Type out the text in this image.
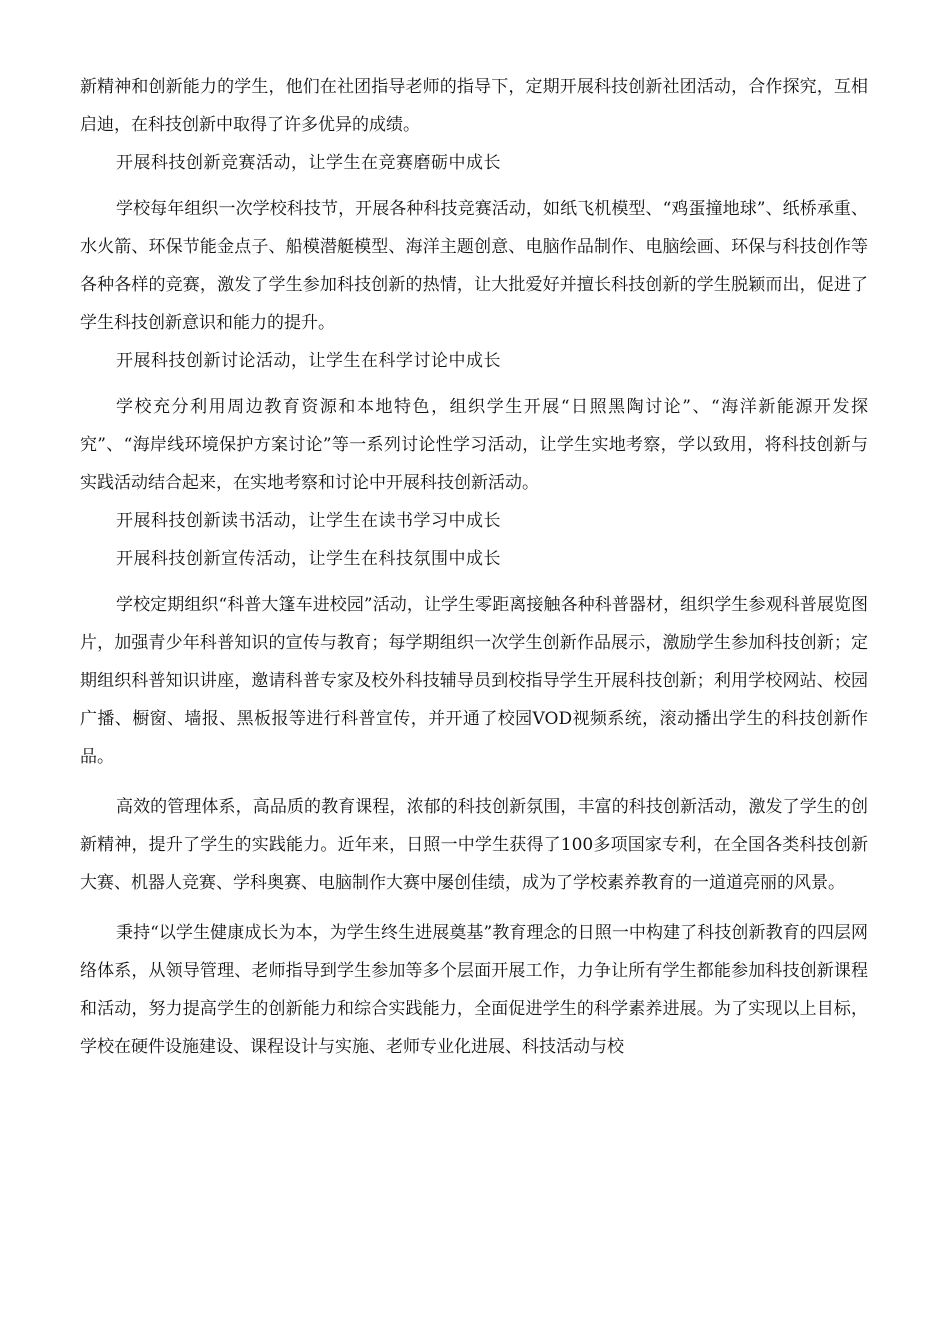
新精神和创新能力的学生，他们在社团指导老师的指导下，定期开展科技创新社团活动，合作探究，互相启迪，在科技创新中取得了许多优异的成绩。

开展科技创新竞赛活动，让学生在竞赛磨砺中成长

学校每年组织一次学校科技节，开展各种科技竞赛活动，如纸飞机模型、“鸡蛋撞地球”、纸桥承重、水火箭、环保节能金点子、船模潜艇模型、海洋主题创意、电脑作品制作、电脑绘画、环保与科技创作等各种各样的竞赛，激发了学生参加科技创新的热情，让大批爱好并擅长科技创新的学生脱颖而出，促进了学生科技创新意识和能力的提升。

开展科技创新讨论活动，让学生在科学讨论中成长

学校充分利用周边教育资源和本地特色，组织学生开展“日照黑陶讨论”、“海洋新能源开发探究”、“海岸线环境保护方案讨论”等一系列讨论性学习活动，让学生实地考察，学以致用，将科技创新与实践活动结合起来，在实地考察和讨论中开展科技创新活动。

开展科技创新读书活动，让学生在读书学习中成长

开展科技创新宣传活动，让学生在科技氛围中成长

学校定期组织“科普大篷车进校园”活动，让学生零距离接触各种科普器材，组织学生参观科普展览图片，加强青少年科普知识的宣传与教育；每学期组织一次学生创新作品展示，激励学生参加科技创新；定期组织科普知识讲座，邀请科普专家及校外科技辅导员到校指导学生开展科技创新；利用学校网站、校园广播、橱窗、墙报、黑板报等进行科普宣传，并开通了校园VOD视频系统，滚动播出学生的科技创新作品。

高效的管理体系，高品质的教育课程，浓郁的科技创新氛围，丰富的科技创新活动，激发了学生的创新精神，提升了学生的实践能力。近年来，日照一中学生获得了100多项国家专利，在全国各类科技创新大赛、机器人竞赛、学科奥赛、电脑制作大赛中屡创佳绩，成为了学校素养教育的一道道亮丽的风景。

秉持“以学生健康成长为本，为学生终生进展奠基”教育理念的日照一中构建了科技创新教育的四层网络体系，从领导管理、老师指导到学生参加等多个层面开展工作，力争让所有学生都能参加科技创新课程和活动，努力提高学生的创新能力和综合实践能力，全面促进学生的科学素养进展。为了实现以上目标，学校在硬件设施建设、课程设计与实施、老师专业化进展、科技活动与校
